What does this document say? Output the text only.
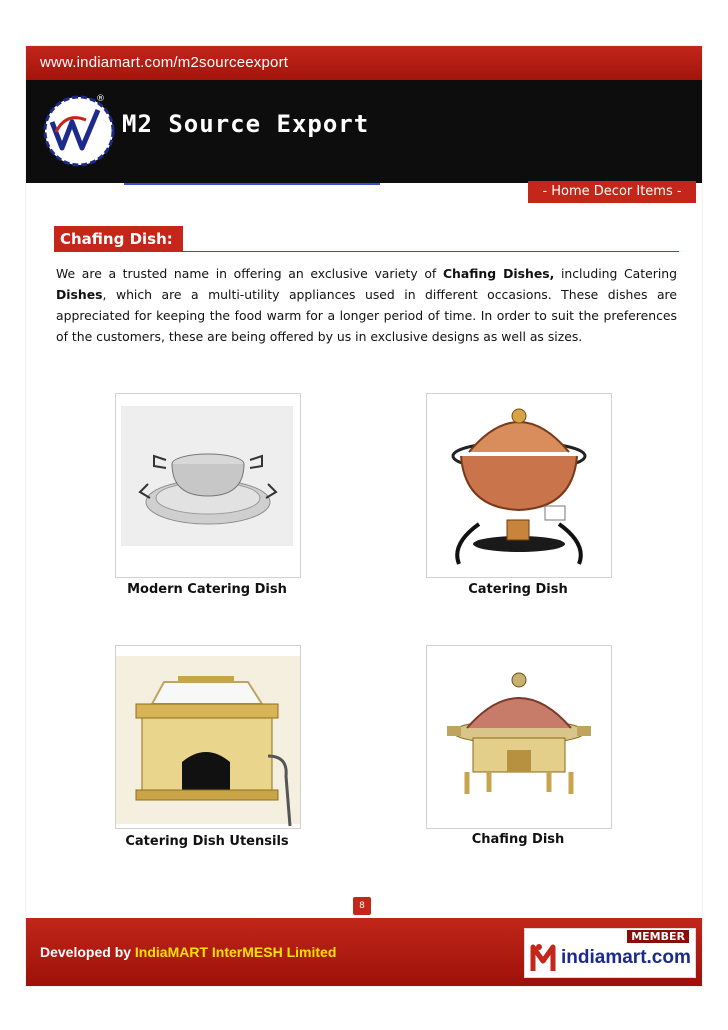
www.indiamart.com/m2sourceexport
®
M2 Source Export
- Home Decor Items -
Chafing Dish:

We are a trusted name in offering an exclusive variety of Chafing Dishes, including Catering Dishes, which are a multi-utility appliances used in different occasions. These dishes are appreciated for keeping the food warm for a longer period of time. In order to suit the preferences of the customers, these are being offered by us in exclusive designs as well as sizes.

Modern Catering Dish	Catering Dish
Catering Dish Utensils	Chafing Dish
8
Developed by IndiaMART InterMESH Limited
MEMBER
indiamart.com
